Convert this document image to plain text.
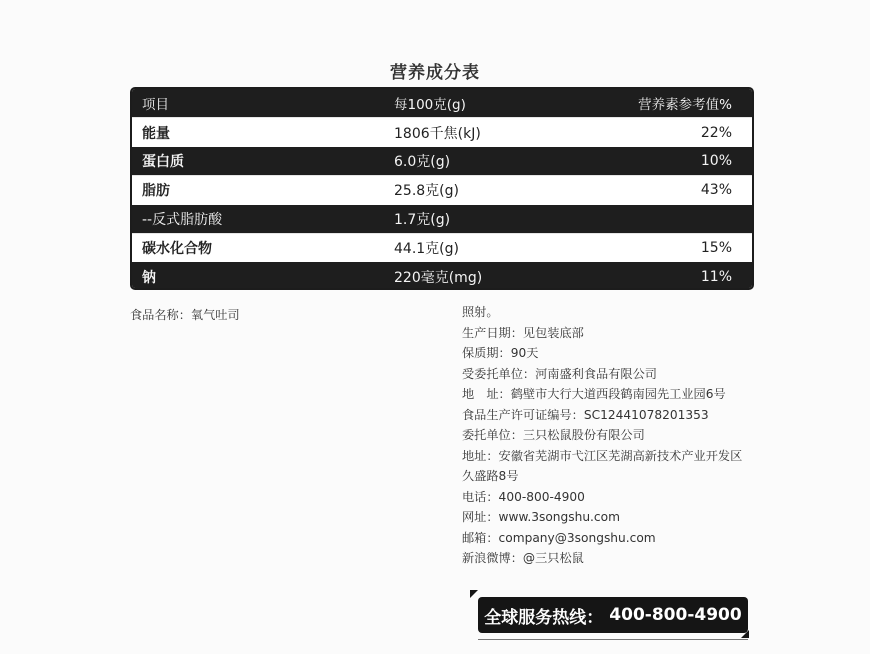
营养成分表
项目	每100克(g)	营养素参考值%
能量	1806千焦(kJ)	22%
蛋白质	6.0克(g)	10%
脂肪	25.8克(g)	43%
--反式脂肪酸	1.7克(g)
碳水化合物	44.1克(g)	15%
钠	220毫克(mg)	11%

食品名称：氧气吐司	照射。

生产日期：见包装底部

保质期：90天

受委托单位：河南盛利食品有限公司

地　址：鹤壁市大行大道西段鹤南园先工业园6号

食品生产许可证编号：SC12441078201353

委托单位：三只松鼠股份有限公司

地址：安徽省芜湖市弋江区芜湖高新技术产业开发区久盛路8号

电话：400-800-4900

网址：www.3songshu.com

邮箱：company@3songshu.com

新浪微博：@三只松鼠

全球服务热线： 400-800-4900
